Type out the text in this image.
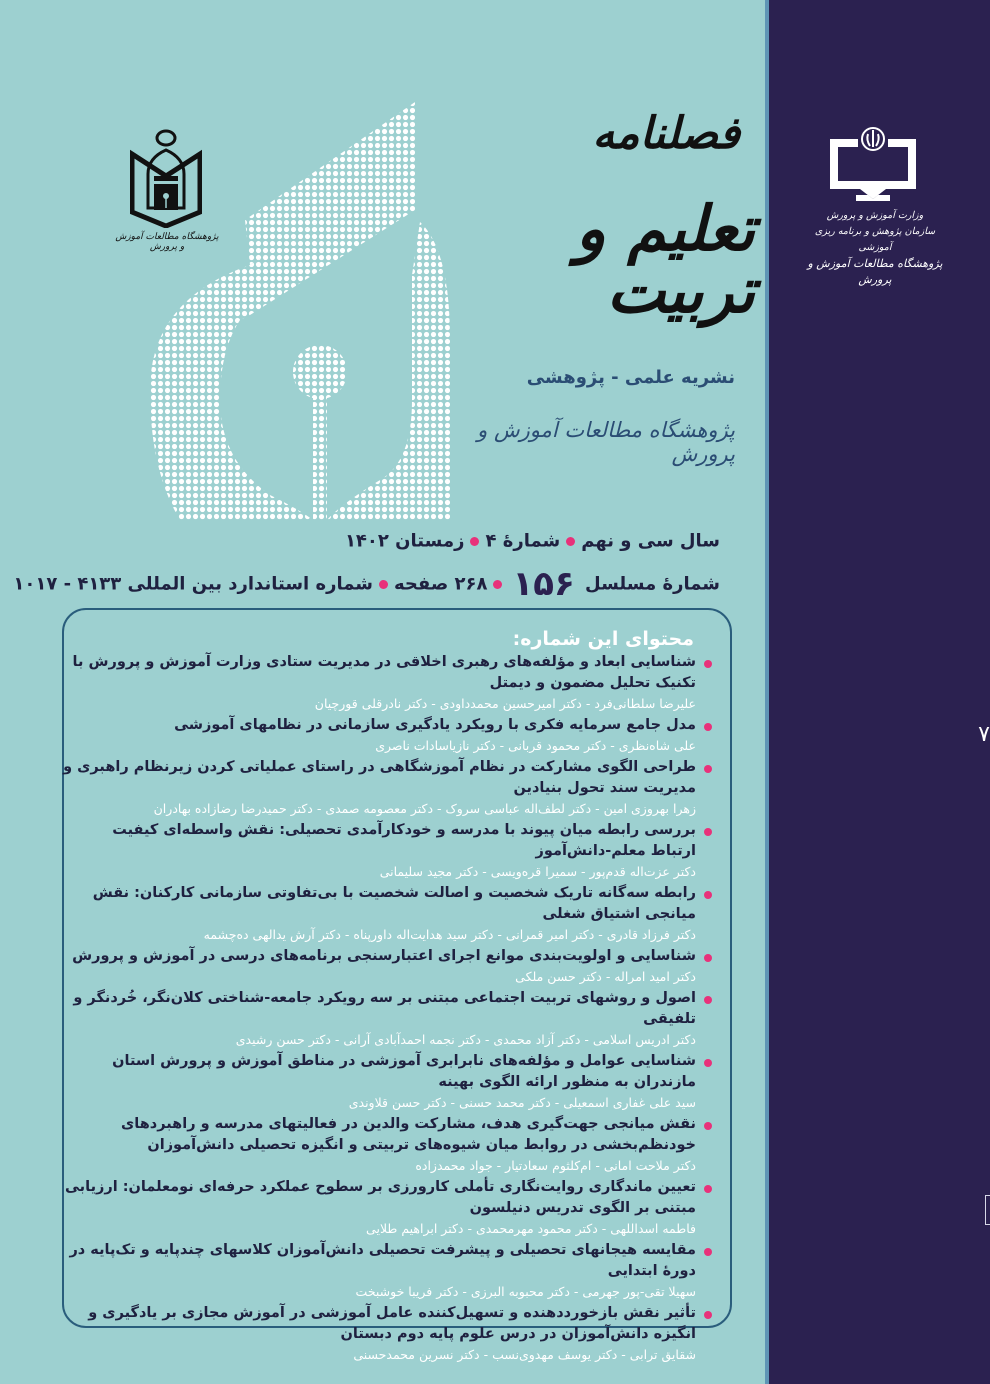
وزارت آموزش و پرورش
سازمان پژوهش و برنامه ریزی آموزشی
پژوهشگاه مطالعات آموزش و پرورش
۷
پژوهشگاه مطالعات آموزش و پرورش
فصلنامه
تعلیم و تربیت
نشریه علمی - پژوهشی
پژوهشگاه مطالعات آموزش و پرورش
سال سی و نهمشمارهٔ ۴زمستان ۱۴۰۲
شمارهٔ مسلسل ۱۵۶۲۶۸ صفحهشماره استاندارد بین المللی ۴۱۳۳ - ۱۰۱۷
محتوای این شماره:
شناسایی ابعاد و مؤلفه‌های رهبری اخلاقی در مدیریت ستادی وزارت آموزش و پرورش با تکنیک تحلیل مضمون و دیمتل
علیرضا سلطانی‌فرد - دکتر امیرحسین محمدداودی - دکتر نادرقلی قورچیان
مدل جامع سرمایه فکری با رویکرد یادگیری سازمانی در نظامهای آموزشی
علی شاه‌نظری - دکتر محمود قربانی - دکتر نازیاسادات ناصری
طراحی الگوی مشارکت در نظام آموزشگاهی در راستای عملیاتی کردن زیرنظام راهبری و مدیریت سند تحول بنیادین
زهرا بهروزی امین - دکتر لطف‌اله عباسی سروک - دکتر معصومه صمدی - دکتر حمیدرضا رضازاده بهادران
بررسی رابطه میان پیوند با مدرسه و خودکارآمدی تحصیلی: نقش واسطه‌ای کیفیت ارتباط معلم-دانش‌آموز
دکتر عزت‌اله قدم‌پور - سمیرا قره‌ویسی - دکتر مجید سلیمانی
رابطه سه‌گانه تاریک شخصیت و اصالت شخصیت با بی‌تفاوتی سازمانی کارکنان: نقش میانجی اشتیاق شغلی
دکتر فرزاد قادری - دکتر امیر قمرانی - دکتر سید هدایت‌اله داورپناه - دکتر آرش یدالهی ده‌چشمه
شناسایی و اولویت‌بندی موانع اجرای اعتبارسنجی برنامه‌های درسی در آموزش و پرورش
دکتر امید امراله - دکتر حسن ملکی
اصول و روشهای تربیت اجتماعی مبتنی بر سه رویکرد جامعه‌-شناختی کلان‌نگر، خُردنگر و تلفیقی
دکتر ادریس اسلامی - دکتر آزاد محمدی - دکتر نجمه احمدآبادی آرانی - دکتر حسن رشیدی
شناسایی عوامل و مؤلفه‌های نابرابری آموزشی در مناطق آموزش و پرورش استان مازندران به منظور ارائه الگوی بهینه
سید علی غفاری اسمعیلی - دکتر محمد حسنی - دکتر حسن قلاوندی
نقش میانجی جهت‌گیری هدف، مشارکت والدین در فعالیتهای مدرسه و راهبردهای خودنظم‌بخشی در روابط میان شیوه‌های تربیتی و انگیزه تحصیلی دانش‌آموزان
دکتر ملاحت امانی - ام‌کلثوم سعادتیار - جواد محمدزاده
تعیین ماندگاری روایت‌نگاری تأملی کارورزی بر سطوح عملکرد حرفه‌ای نومعلمان: ارزیابی مبتنی بر الگوی تدریس دنیلسون
فاطمه اسداللهی - دکتر محمود مهرمحمدی - دکتر ابراهیم طلایی
مقایسه هیجانهای تحصیلی و پیشرفت تحصیلی دانش‌آموزان کلاسهای چندپایه و تک‌پایه در دورهٔ ابتدایی
سهیلا تقی‌-پور جهرمی - دکتر محبوبه البرزی - دکتر فریبا خوشبخت
تأثیر نقش بازخورددهنده و تسهیل‌کننده عامل آموزشی در آموزش مجازی بر یادگیری و انگیزه دانش‌آموزان در درس علوم پایه دوم دبستان
شقایق ترابی - دکتر یوسف مهدوی‌نسب - دکتر نسرین محمدحسنی
